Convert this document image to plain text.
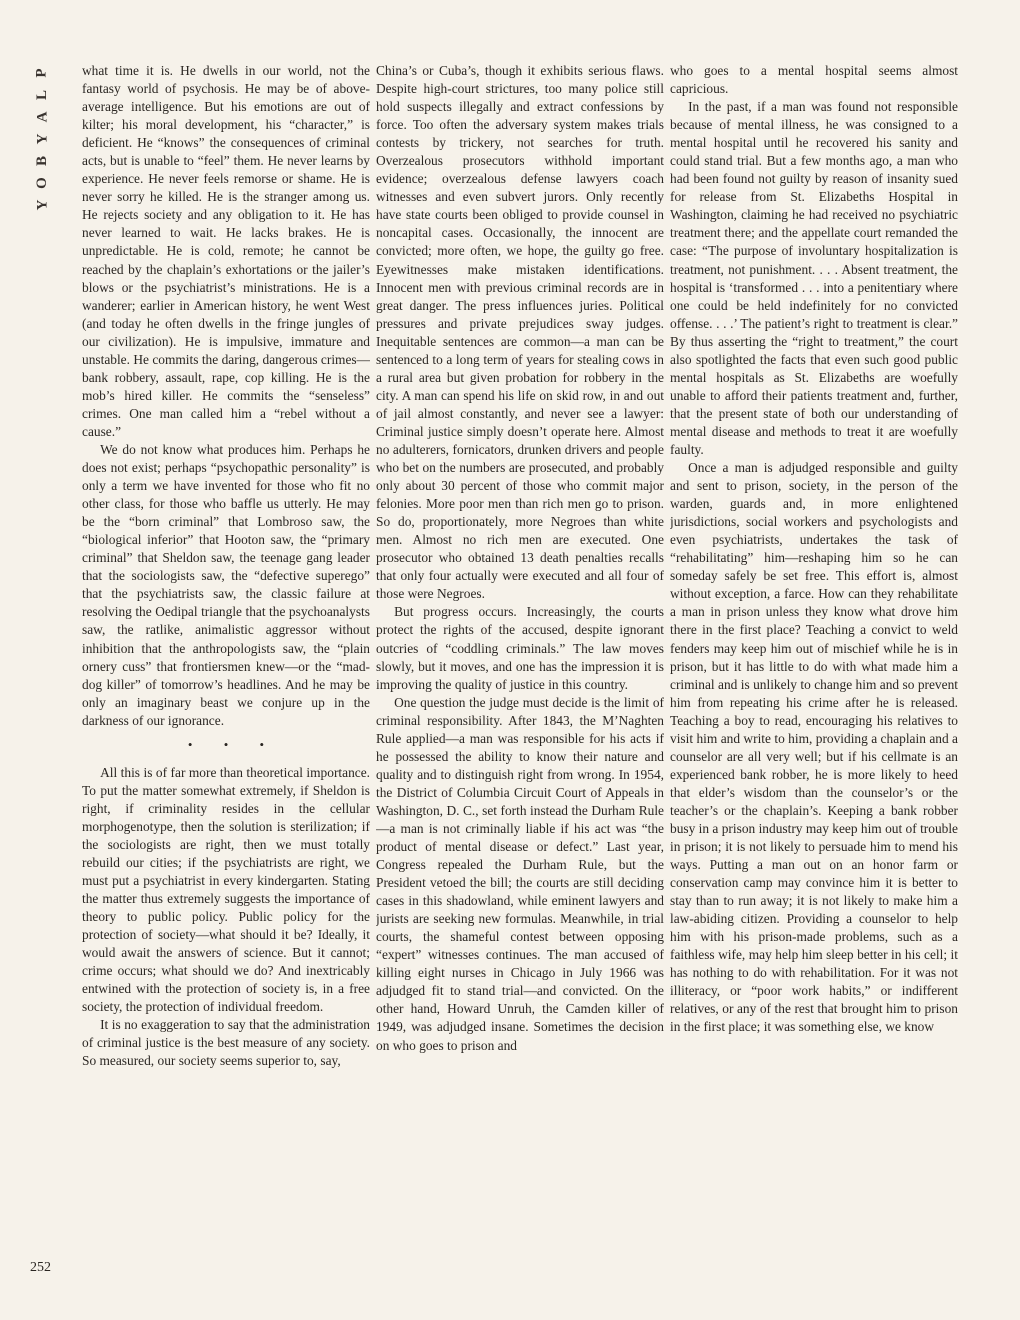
P
L
A
Y
B
O
Y

what time it is. He dwells in our world, not the fantasy world of psychosis. He may be of above-average intelligence. But his emotions are out of kilter; his moral development, his “character,” is deficient. He “knows” the consequences of criminal acts, but is unable to “feel” them. He never learns by experience. He never feels remorse or shame. He is never sorry he killed. He is the stranger among us. He rejects society and any obligation to it. He has never learned to wait. He lacks brakes. He is unpredictable. He is cold, remote; he cannot be reached by the chaplain’s exhortations or the jailer’s blows or the psychiatrist’s ministrations. He is a wanderer; earlier in American history, he went West (and today he often dwells in the fringe jungles of our civilization). He is impulsive, immature and unstable. He commits the daring, dangerous crimes—bank robbery, assault, rape, cop killing. He is the mob’s hired killer. He commits the “senseless” crimes. One man called him a “rebel without a cause.”

We do not know what produces him. Perhaps he does not exist; perhaps “psychopathic personality” is only a term we have invented for those who fit no other class, for those who baffle us utterly. He may be the “born criminal” that Lombroso saw, the “biological inferior” that Hooton saw, the “primary criminal” that Sheldon saw, the teenage gang leader that the sociologists saw, the “defective superego” that the psychiatrists saw, the classic failure at resolving the Oedipal triangle that the psychoanalysts saw, the ratlike, animalistic aggressor without inhibition that the anthropologists saw, the “plain ornery cuss” that frontiersmen knew—or the “mad-dog killer” of tomorrow’s headlines. And he may be only an imaginary beast we conjure up in the darkness of our ignorance.

• • •

All this is of far more than theoretical importance. To put the matter somewhat extremely, if Sheldon is right, if criminality resides in the cellular morphogenotype, then the solution is sterilization; if the sociologists are right, then we must totally rebuild our cities; if the psychiatrists are right, we must put a psychiatrist in every kindergarten. Stating the matter thus extremely suggests the importance of theory to public policy. Public policy for the protection of society—what should it be? Ideally, it would await the answers of science. But it cannot; crime occurs; what should we do? And inextricably entwined with the protection of society is, in a free society, the protection of individual freedom.

It is no exaggeration to say that the administration of criminal justice is the best measure of any society. So measured, our society seems superior to, say,

China’s or Cuba’s, though it exhibits serious flaws. Despite high-court strictures, too many police still hold suspects illegally and extract confessions by force. Too often the adversary system makes trials contests by trickery, not searches for truth. Overzealous prosecutors withhold important evidence; overzealous defense lawyers coach witnesses and even subvert jurors. Only recently have state courts been obliged to provide counsel in noncapital cases. Occasionally, the innocent are convicted; more often, we hope, the guilty go free. Eyewitnesses make mistaken identifications. Innocent men with previous criminal records are in great danger. The press influences juries. Political pressures and private prejudices sway judges. Inequitable sentences are common—a man can be sentenced to a long term of years for stealing cows in a rural area but given probation for robbery in the city. A man can spend his life on skid row, in and out of jail almost constantly, and never see a lawyer: Criminal justice simply doesn’t operate here. Almost no adulterers, fornicators, drunken drivers and people who bet on the numbers are prosecuted, and probably only about 30 percent of those who commit major felonies. More poor men than rich men go to prison. So do, proportionately, more Negroes than white men. Almost no rich men are executed. One prosecutor who obtained 13 death penalties recalls that only four actually were executed and all four of those were Negroes.

But progress occurs. Increasingly, the courts protect the rights of the accused, despite ignorant outcries of “coddling criminals.” The law moves slowly, but it moves, and one has the impression it is improving the quality of justice in this country.

One question the judge must decide is the limit of criminal responsibility. After 1843, the M’Naghten Rule applied—a man was responsible for his acts if he possessed the ability to know their nature and quality and to distinguish right from wrong. In 1954, the District of Columbia Circuit Court of Appeals in Washington, D. C., set forth instead the Durham Rule—a man is not criminally liable if his act was “the product of mental disease or defect.” Last year, Congress repealed the Durham Rule, but the President vetoed the bill; the courts are still deciding cases in this shadowland, while eminent lawyers and jurists are seeking new formulas. Meanwhile, in trial courts, the shameful contest between opposing “expert” witnesses continues. The man accused of killing eight nurses in Chicago in July 1966 was adjudged fit to stand trial—and convicted. On the other hand, Howard Unruh, the Camden killer of 1949, was adjudged insane. Sometimes the decision on who goes to prison and

who goes to a mental hospital seems almost capricious.

In the past, if a man was found not responsible because of mental illness, he was consigned to a mental hospital until he recovered his sanity and could stand trial. But a few months ago, a man who had been found not guilty by reason of insanity sued for release from St. Elizabeths Hospital in Washington, claiming he had received no psychiatric treatment there; and the appellate court remanded the case: “The purpose of involuntary hospitalization is treatment, not punishment. . . . Absent treatment, the hospital is ‘transformed . . . into a penitentiary where one could be held indefinitely for no convicted offense. . . .’ The patient’s right to treatment is clear.” By thus asserting the “right to treatment,” the court also spotlighted the facts that even such good public mental hospitals as St. Elizabeths are woefully unable to afford their patients treatment and, further, that the present state of both our understanding of mental disease and methods to treat it are woefully faulty.

Once a man is adjudged responsible and guilty and sent to prison, society, in the person of the warden, guards and, in more enlightened jurisdictions, social workers and psychologists and even psychiatrists, undertakes the task of “rehabilitating” him—reshaping him so he can someday safely be set free. This effort is, almost without exception, a farce. How can they rehabilitate a man in prison unless they know what drove him there in the first place? Teaching a convict to weld fenders may keep him out of mischief while he is in prison, but it has little to do with what made him a criminal and is unlikely to change him and so prevent him from repeating his crime after he is released. Teaching a boy to read, encouraging his relatives to visit him and write to him, providing a chaplain and a counselor are all very well; but if his cellmate is an experienced bank robber, he is more likely to heed that elder’s wisdom than the counselor’s or the teacher’s or the chaplain’s. Keeping a bank robber busy in a prison industry may keep him out of trouble in prison; it is not likely to persuade him to mend his ways. Putting a man out on an honor farm or conservation camp may convince him it is better to stay than to run away; it is not likely to make him a law-abiding citizen. Providing a counselor to help him with his prison-made problems, such as a faithless wife, may help him sleep better in his cell; it has nothing to do with rehabilitation. For it was not illiteracy, or “poor work habits,” or indifferent relatives, or any of the rest that brought him to prison in the first place; it was something else, we know

252
